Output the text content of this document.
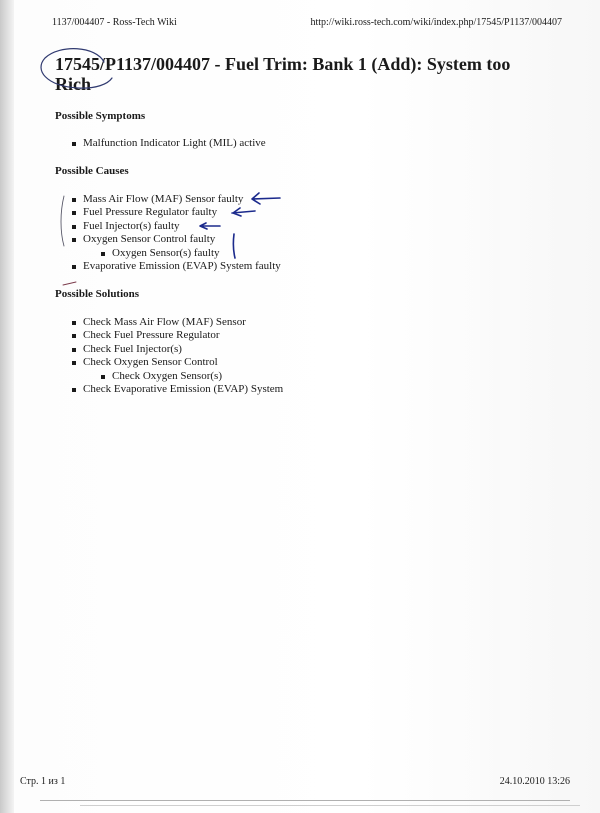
1137/004407 - Ross-Tech Wiki	http://wiki.ross-tech.com/wiki/index.php/17545/P1137/004407
17545/P1137/004407 - Fuel Trim: Bank 1 (Add): System too Rich
Possible Symptoms
Malfunction Indicator Light (MIL) active
Possible Causes
Mass Air Flow (MAF) Sensor faulty
Fuel Pressure Regulator faulty
Fuel Injector(s) faulty
Oxygen Sensor Control faulty
Oxygen Sensor(s) faulty
Evaporative Emission (EVAP) System faulty
Possible Solutions
Check Mass Air Flow (MAF) Sensor
Check Fuel Pressure Regulator
Check Fuel Injector(s)
Check Oxygen Sensor Control
Check Oxygen Sensor(s)
Check Evaporative Emission (EVAP) System
Стр. 1 из 1	24.10.2010 13:26
